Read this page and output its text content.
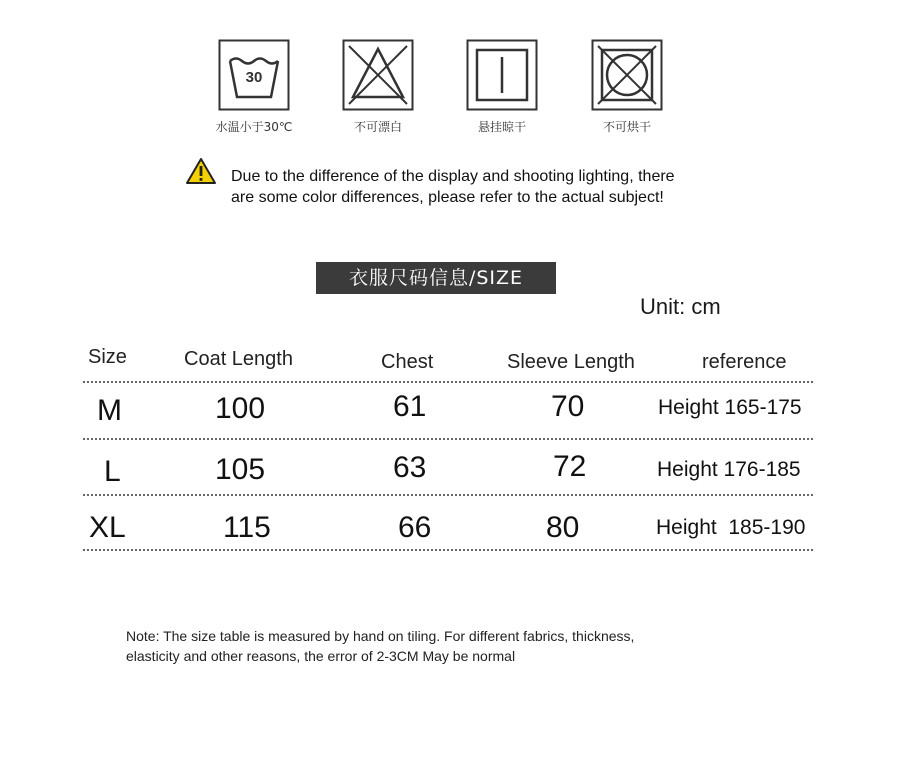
30
水温小于30℃	不可漂白	悬挂晾干	不可烘干
Due to the difference of the display and shooting lighting, there
are some color differences, please refer to the actual subject!
衣服尺码信息/SIZE
Unit: cm
Size	Coat Length	Chest	Sleeve Length	reference
M	100	61	70	Height 165-175
L	105	63	72	Height 176-185
XL	115	66	80	Height  185-190
Note: The size table is measured by hand on tiling. For different fabrics, thickness,
elasticity and other reasons, the error of 2-3CM May be normal
